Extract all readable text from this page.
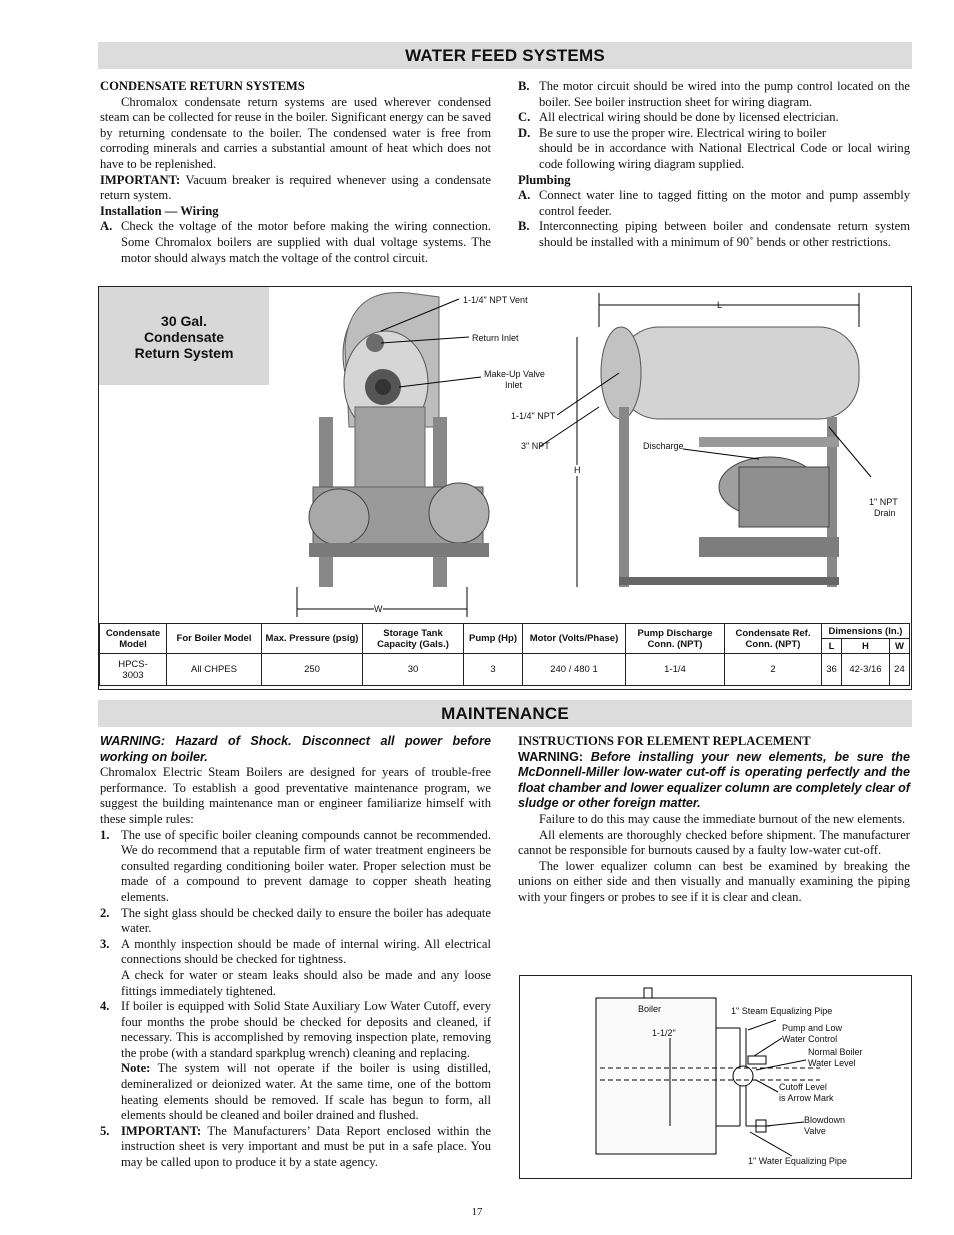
WATER FEED SYSTEMS

CONDENSATE RETURN SYSTEMS

Chromalox condensate return systems are used wherever condensed steam can be collected for reuse in the boiler. Significant energy can be saved by returning condensate to the boiler. The condensed water is free from corroding minerals and carries a substantial amount of heat which does not have to be replenished.

IMPORTANT: Vacuum breaker is required whenever using a condensate return system.

Installation — Wiring

A. Check the voltage of the motor before making the wiring connection. Some Chromalox boilers are supplied with dual voltage systems. The motor should always match the voltage of the control circuit.
B. The motor circuit should be wired into the pump control located on the boiler. See boiler instruction sheet for wiring diagram.
C. All electrical wiring should be done by licensed electrician.
D. Be sure to use the proper wire. Electrical wiring to boiler

should be in accordance with National Electrical Code or local wiring code following wiring diagram supplied.

Plumbing

A. Connect water line to tagged fitting on the motor and pump assembly control feeder.
B. Interconnecting piping between boiler and condensate return system should be installed with a minimum of 90˚ bends or other restrictions.
30 Gal.
Condensate
Return System
1-1/4" NPT Vent
Return Inlet
Make-Up Valve
Inlet
1-1/4" NPT
3" NPT
L
H
W
Discharge
1" NPT
Drain
Condensate Model	For Boiler Model	Max. Pressure (psig)	Storage Tank Capacity (Gals.)	Pump (Hp)	Motor (Volts/Phase)	Pump Discharge Conn. (NPT)	Condensate Ref. Conn. (NPT)	Dimensions (In.)		
								L	H	W
HPCS-3003	All CHPES	250	30	3	240 / 480 1	1-1/4	2	36	42-3/16	24
MAINTENANCE

WARNING: Hazard of Shock. Disconnect all power before working on boiler.

Chromalox Electric Steam Boilers are designed for years of trouble-free performance. To establish a good preventative maintenance program, we suggest the building maintenance man or engineer familiarize himself with these simple rules:

1. The use of specific boiler cleaning compounds cannot be recommended. We do recommend that a reputable firm of water treatment engineers be consulted regarding conditioning boiler water. Proper selection must be made of a compound to prevent damage to copper sheath heating elements.
2. The sight glass should be checked daily to ensure the boiler has adequate water.
3. A monthly inspection should be made of internal wiring. All electrical connections should be checked for tightness.

A check for water or steam leaks should also be made and any loose fittings immediately tightened.

4. If boiler is equipped with Solid State Auxiliary Low Water Cutoff, every four months the probe should be checked for deposits and cleaned, if necessary. This is accomplished by removing inspection plate, removing the probe (with a standard sparkplug wrench) cleaning and replacing.

Note: The system will not operate if the boiler is using distilled, demineralized or deionized water. At the same time, one of the bottom heating elements should be removed. If scale has begun to form, all elements should be cleaned and boiler drained and flushed.

5. IMPORTANT: The Manufacturers’ Data Report enclosed within the instruction sheet is very important and must be put in a safe place. You may be called upon to produce it by a state agency.

INSTRUCTIONS FOR ELEMENT REPLACEMENT

WARNING: Before installing your new elements, be sure the McDonnell-Miller low-water cut-off is operating perfectly and the float chamber and lower equalizer column are completely clear of sludge or other foreign matter.

Failure to do this may cause the immediate burnout of the new elements.

All elements are thoroughly checked before shipment. The manufacturer cannot be responsible for burnouts caused by a faulty low-water cut-off.

The lower equalizer column can best be examined by breaking the unions on either side and then visually and manually examining the piping with your fingers or probes to see if it is clear and clean.

Boiler
1-1/2"
1" Steam Equalizing Pipe
Pump and Low
Water Control
Normal Boiler
Water Level
Cutoff Level
is Arrow Mark
Blowdown
Valve
1" Water Equalizing Pipe
17
